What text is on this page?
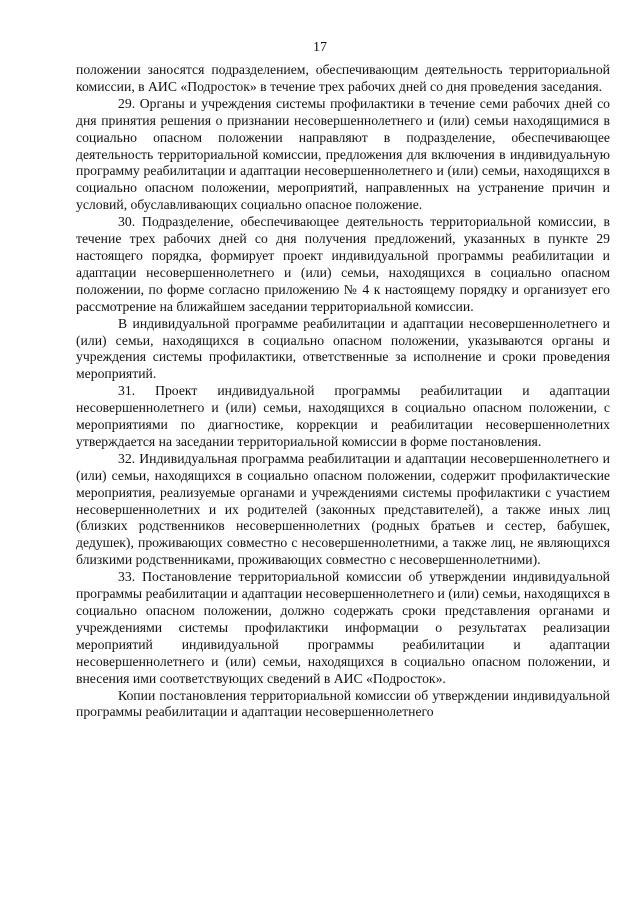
17

положении заносятся подразделением, обеспечивающим деятельность территориальной комиссии, в АИС «Подросток» в течение трех рабочих дней со дня проведения заседания.

29. Органы и учреждения системы профилактики в течение семи рабочих дней со дня принятия решения о признании несовершеннолетнего и (или) семьи находящимися в социально опасном положении направляют в подразделение, обеспечивающее деятельность территориальной комиссии, предложения для включения в индивидуальную программу реабилитации и адаптации несовершеннолетнего и (или) семьи, находящихся в социально опасном положении, мероприятий, направленных на устранение причин и условий, обуславливающих социально опасное положение.

30. Подразделение, обеспечивающее деятельность территориальной комиссии, в течение трех рабочих дней со дня получения предложений, указанных в пункте 29 настоящего порядка, формирует проект индивидуальной программы реабилитации и адаптации несовершеннолетнего и (или) семьи, находящихся в социально опасном положении, по форме согласно приложению № 4 к настоящему порядку и организует его рассмотрение на ближайшем заседании территориальной комиссии.

В индивидуальной программе реабилитации и адаптации несовершеннолетнего и (или) семьи, находящихся в социально опасном положении, указываются органы и учреждения системы профилактики, ответственные за исполнение и сроки проведения мероприятий.

31. Проект индивидуальной программы реабилитации и адаптации несовершеннолетнего и (или) семьи, находящихся в социально опасном положении, с мероприятиями по диагностике, коррекции и реабилитации несовершеннолетних утверждается на заседании территориальной комиссии в форме постановления.

32. Индивидуальная программа реабилитации и адаптации несовершеннолетнего и (или) семьи, находящихся в социально опасном положении, содержит профилактические мероприятия, реализуемые органами и учреждениями системы профилактики с участием несовершеннолетних и их родителей (законных представителей), а также иных лиц (близких родственников несовершеннолетних (родных братьев и сестер, бабушек, дедушек), проживающих совместно с несовершеннолетними, а также лиц, не являющихся близкими родственниками, проживающих совместно с несовершеннолетними).

33. Постановление территориальной комиссии об утверждении индивидуальной программы реабилитации и адаптации несовершеннолетнего и (или) семьи, находящихся в социально опасном положении, должно содержать сроки представления органами и учреждениями системы профилактики информации о результатах реализации мероприятий индивидуальной программы реабилитации и адаптации несовершеннолетнего и (или) семьи, находящихся в социально опасном положении, и внесения ими соответствующих сведений в АИС «Подросток».

Копии постановления территориальной комиссии об утверждении индивидуальной программы реабилитации и адаптации несовершеннолетнего
